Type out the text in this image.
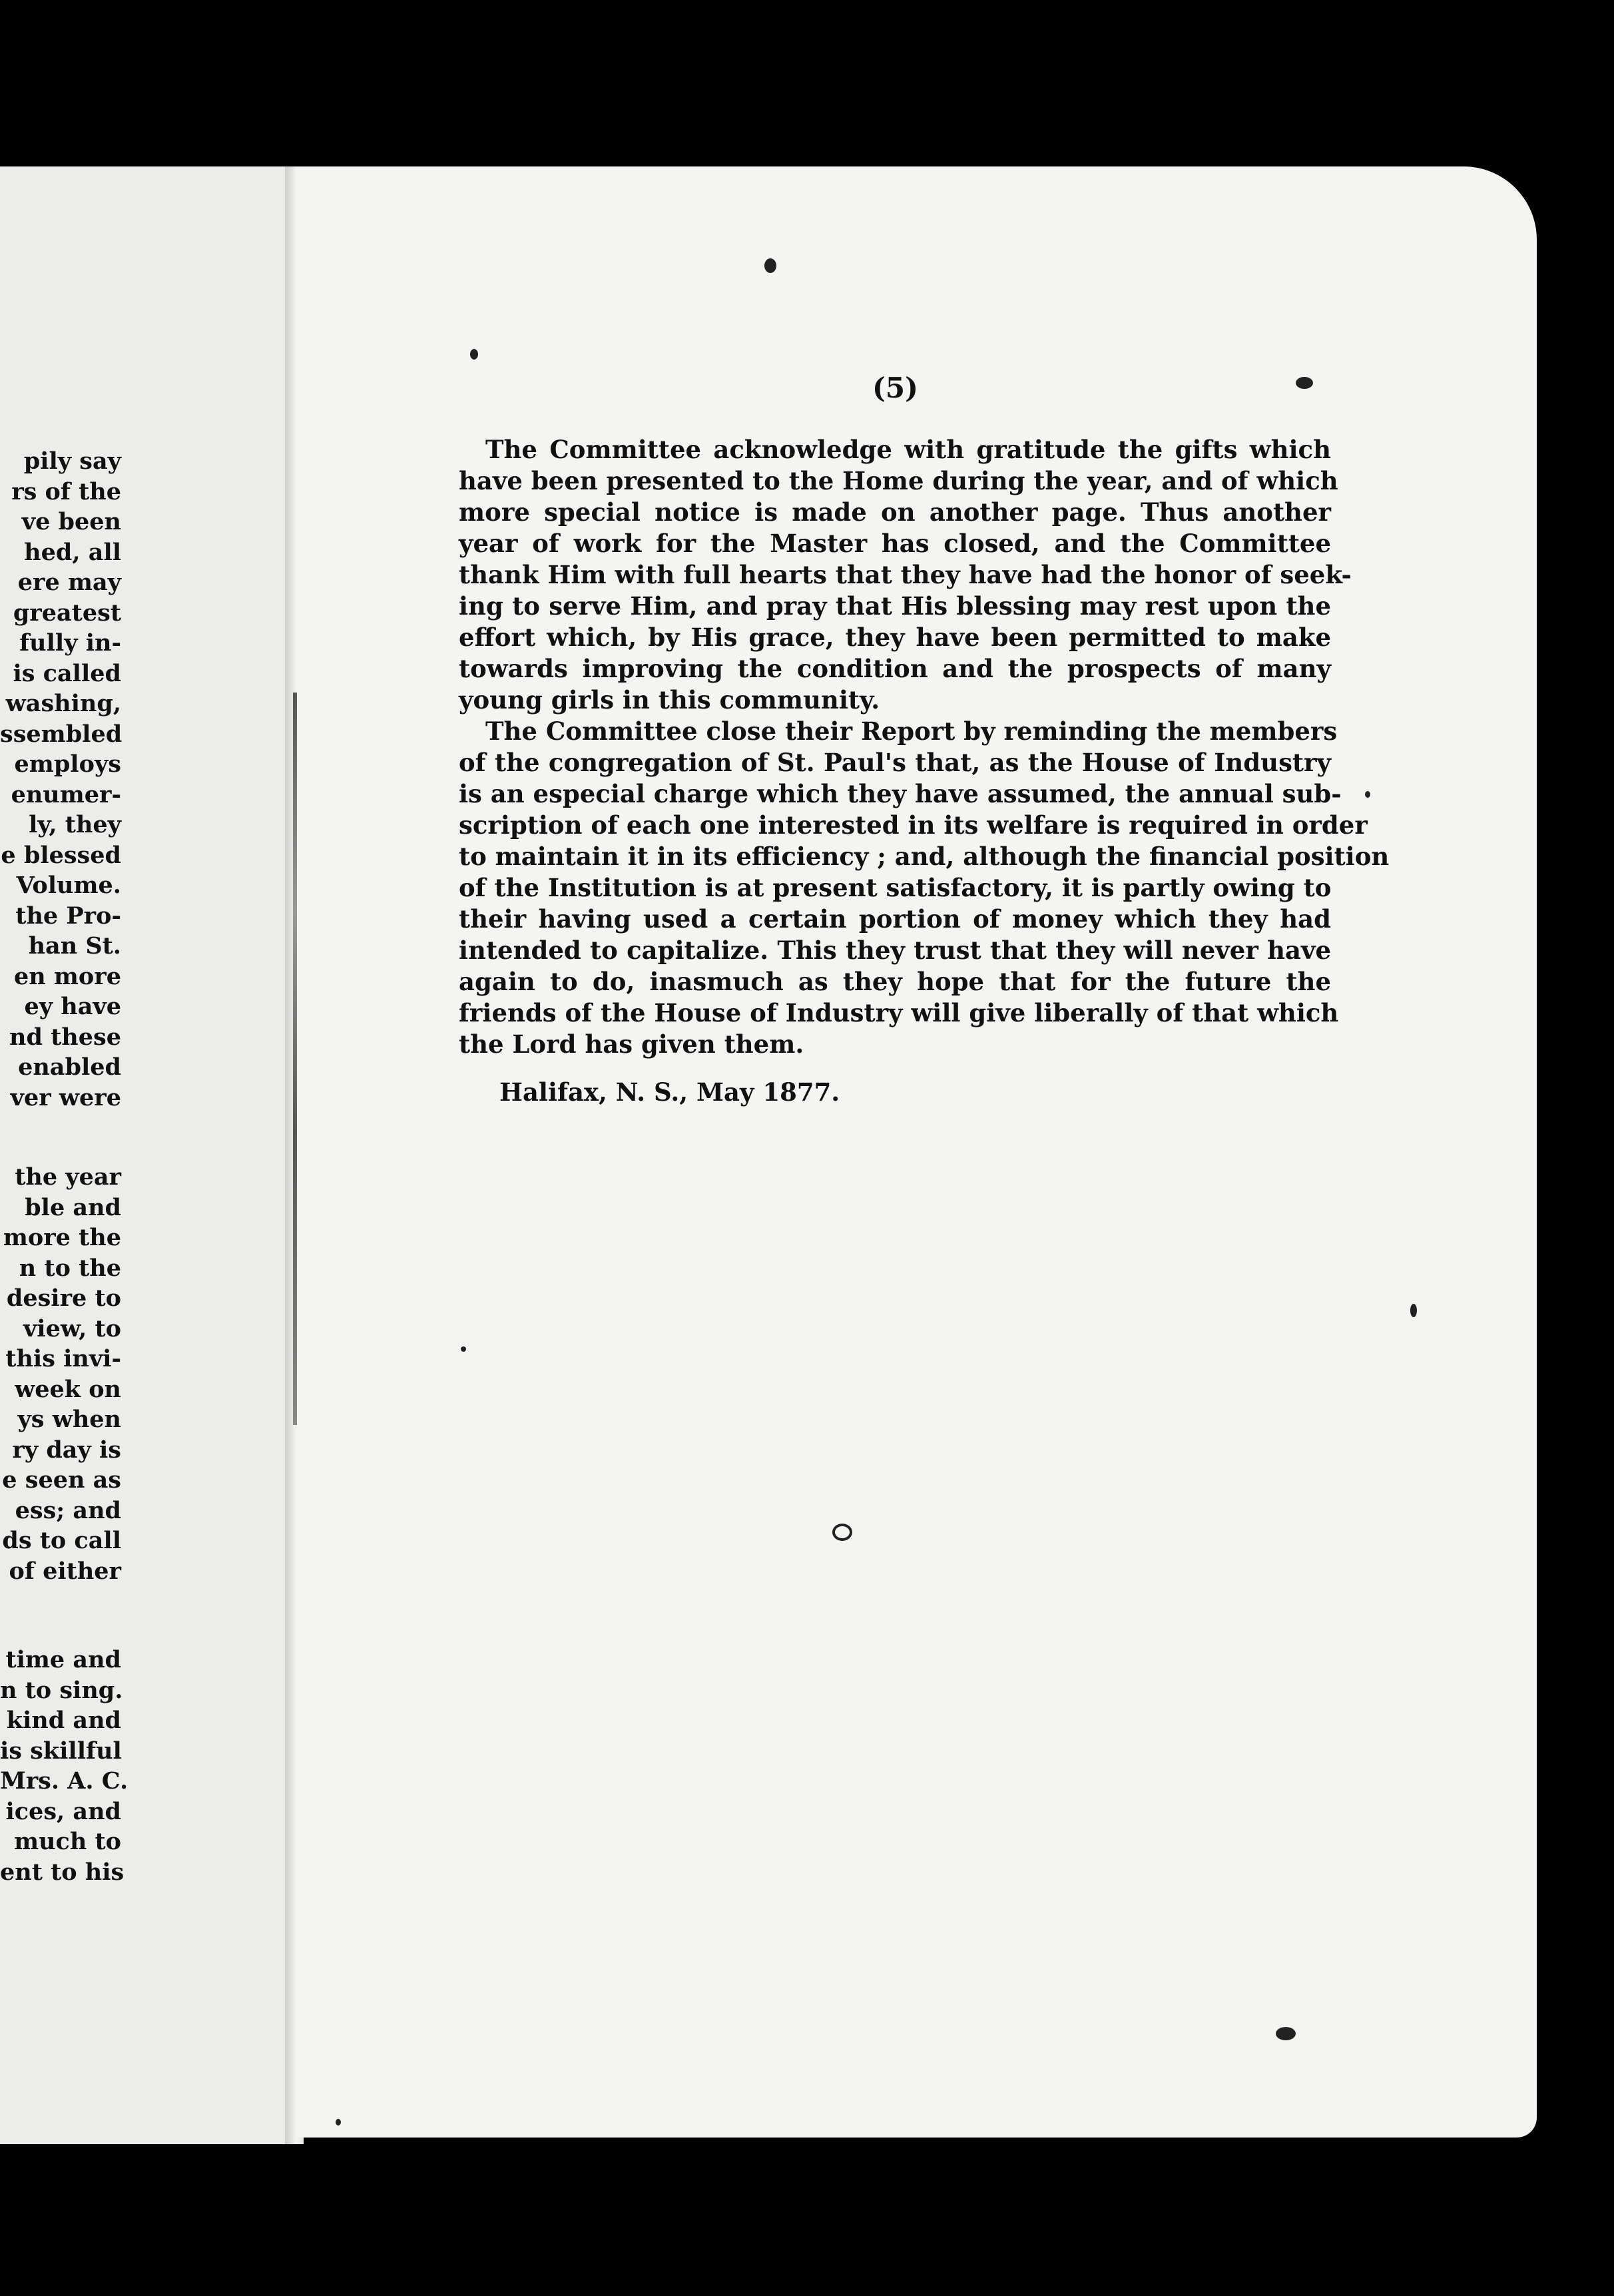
pily say
rs of the
ve been
hed, all
ere may
greatest
fully in-
is called
washing,
ssembled
employs
enumer-
ly, they
e blessed
Volume.
the Pro-
han St.
en more
ey have
nd these
enabled
ver were
the year
ble and
more the
n to the
desire to
view, to
this invi-
week on
ys when
ry day is
e seen as
ess; and
ds to call
of either
time and
n to sing.
kind and
is skillful
Mrs. A. C.
ices, and
much to
ent to his
(5)
The Committee acknowledge with gratitude the gifts which
have been presented to the Home during the year, and of which
more special notice is made on another page. Thus another
year of work for the Master has closed, and the Committee
thank Him with full hearts that they have had the honor of seek-
ing to serve Him, and pray that His blessing may rest upon the
effort which, by His grace, they have been permitted to make
towards improving the condition and the prospects of many
young girls in this community.
The Committee close their Report by reminding the members
of the congregation of St. Paul's that, as the House of Industry
is an especial charge which they have assumed, the annual sub-
scription of each one interested in its welfare is required in order
to maintain it in its efficiency ; and, although the financial position
of the Institution is at present satisfactory, it is partly owing to
their having used a certain portion of money which they had
intended to capitalize. This they trust that they will never have
again to do, inasmuch as they hope that for the future the
friends of the House of Industry will give liberally of that which
the Lord has given them.
Halifax, N. S., May 1877.
